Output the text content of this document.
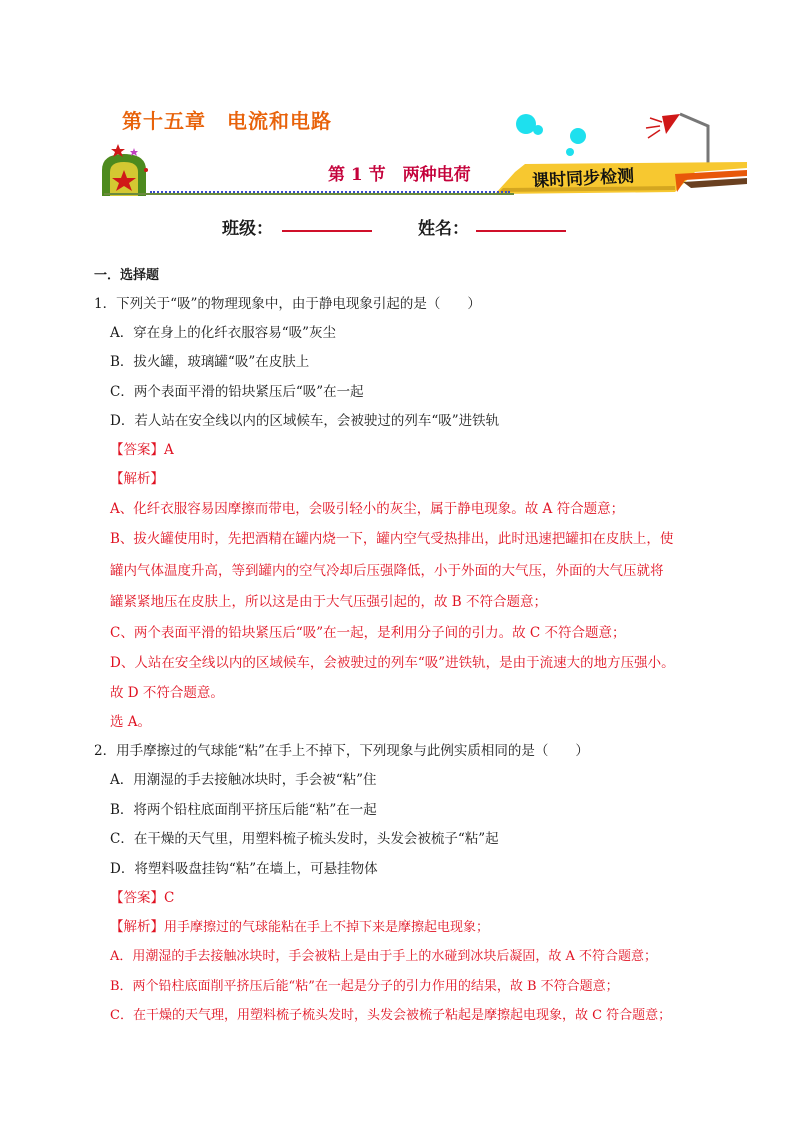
第十五章　电流和电路
第 1 节　两种电荷	课时同步检测
班级：	姓名：
一．选择题
1．下列关于“吸”的物理现象中，由于静电现象引起的是（　　）
A．穿在身上的化纤衣服容易“吸”灰尘
B．拔火罐，玻璃罐“吸”在皮肤上
C．两个表面平滑的铅块紧压后“吸”在一起
D．若人站在安全线以内的区域候车，会被驶过的列车“吸”进铁轨
【答案】A
【解析】
A、化纤衣服容易因摩擦而带电，会吸引轻小的灰尘，属于静电现象。故 A 符合题意；
B、拔火罐使用时，先把酒精在罐内烧一下，罐内空气受热排出，此时迅速把罐扣在皮肤上，使
罐内气体温度升高，等到罐内的空气冷却后压强降低，小于外面的大气压，外面的大气压就将
罐紧紧地压在皮肤上，所以这是由于大气压强引起的，故 B 不符合题意；
C、两个表面平滑的铅块紧压后“吸”在一起，是利用分子间的引力。故 C 不符合题意；
D、人站在安全线以内的区域候车，会被驶过的列车“吸”进铁轨，是由于流速大的地方压强小。
故 D 不符合题意。
选 A。
2．用手摩擦过的气球能“粘”在手上不掉下，下列现象与此例实质相同的是（　　）
A．用潮湿的手去接触冰块时，手会被“粘”住
B．将两个铅柱底面削平挤压后能“粘”在一起
C．在干燥的天气里，用塑料梳子梳头发时，头发会被梳子“粘”起
D．将塑料吸盘挂钩“粘”在墙上，可悬挂物体
【答案】C
【解析】用手摩擦过的气球能粘在手上不掉下来是摩擦起电现象；
A．用潮湿的手去接触冰块时，手会被粘上是由于手上的水碰到冰块后凝固，故 A 不符合题意；
B．两个铅柱底面削平挤压后能“粘”在一起是分子的引力作用的结果，故 B 不符合题意；
C．在干燥的天气理，用塑料梳子梳头发时，头发会被梳子粘起是摩擦起电现象，故 C 符合题意；
